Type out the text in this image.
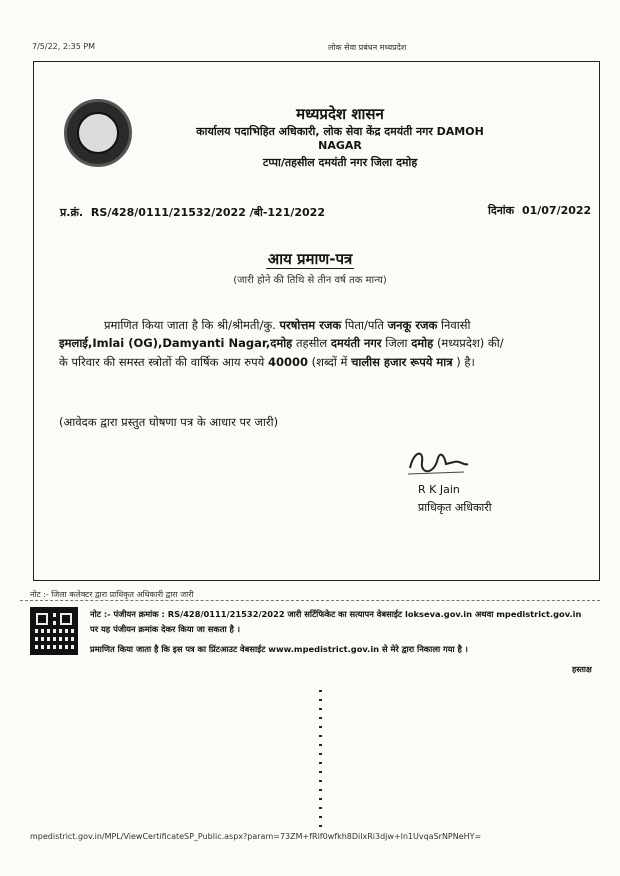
7/5/22, 2:35 PM	लोक सेवा प्रबंधन मध्यप्रदेश
मध्यप्रदेश शासन
कार्यालय पदाभिहित अधिकारी, लोक सेवा केंद्र दमयंती नगर DAMOH
NAGAR
टप्पा/तहसील दमयंती नगर जिला दमोह
प्र.क्रं. RS/428/0111/21532/2022 /बी-121/2022	दिनांक 01/07/2022
आय प्रमाण-पत्र
(जारी होने की तिथि से तीन वर्ष तक मान्य)
प्रमाणित किया जाता है कि श्री/श्रीमती/कु. परषोत्तम रजक पिता/पति जनकू रजक निवासी
इमलाई,Imlai (OG),Damyanti Nagar,दमोह तहसील दमयंती नगर जिला दमोह (मध्यप्रदेश) की/
के परिवार की समस्त स्त्रोतों की वार्षिक आय रुपये 40000 (शब्दों में चालीस हजार रूपये मात्र ) है।
(आवेदक द्वारा प्रस्तुत घोषणा पत्र के आधार पर जारी)
R K Jain
प्राधिकृत अधिकारी
नोट :- जिला कलेक्टर द्वारा प्राधिकृत अधिकारी द्वारा जारी
नोट :- पंजीयन क्रमांक : RS/428/0111/21532/2022 जारी सर्टिफिकेट का सत्यापन वेबसाईट lokseva.gov.in अथवा mpedistrict.gov.in
पर यह पंजीयन क्रमांक देकर किया जा सकता है ।
प्रमाणित किया जाता है कि इस पत्र का प्रिंटआउट वेबसाईट www.mpedistrict.gov.in से मेरे द्वारा निकाला गया है ।
हस्ताक्ष
mpedistrict.gov.in/MPL/ViewCertificateSP_Public.aspx?param=73ZM+fRif0wfkh8DilxRi3djw+ln1UvqaSrNPNeHY=
